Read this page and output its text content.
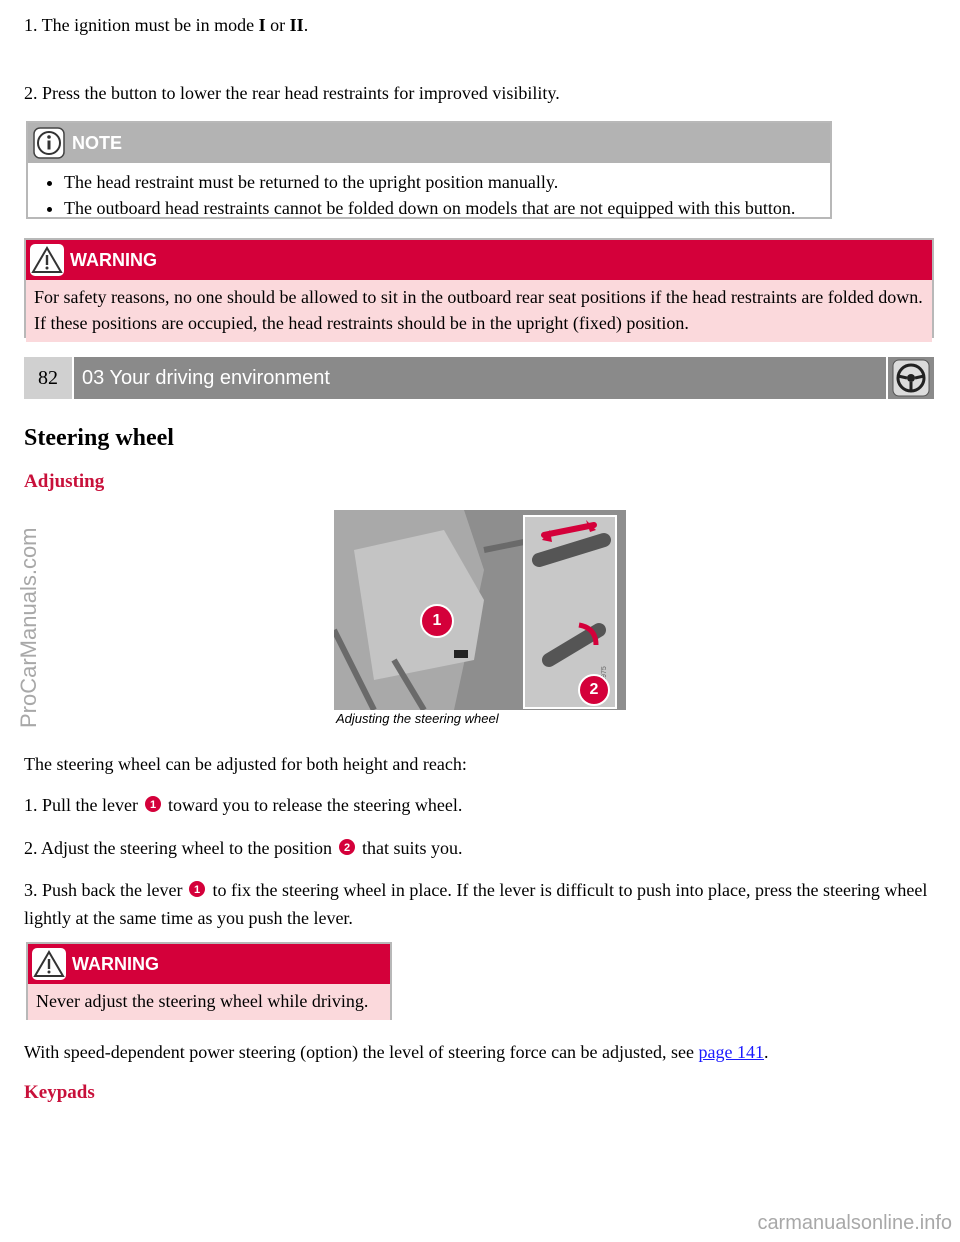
1. The ignition must be in mode I or II.

2. Press the button to lower the rear head restraints for improved visibility.

NOTE
• The head restraint must be returned to the upright position manually.
• The outboard head restraints cannot be folded down on models that are not equipped with this button.
WARNING
For safety reasons, no one should be allowed to sit in the outboard rear seat positions if the head restraints are folded down. If these positions are occupied, the head restraints should be in the upright (fixed) position.
82	03 Your driving environment
Steering wheel

Adjusting

1
2
Adjusting the steering wheel

The steering wheel can be adjusted for both height and reach:

1. Pull the lever 1 toward you to release the steering wheel.

2. Adjust the steering wheel to the position 2 that suits you.

3. Push back the lever 1 to fix the steering wheel in place. If the lever is difficult to push into place, press the steering wheel lightly at the same time as you push the lever.

WARNING
Never adjust the steering wheel while driving.

With speed-dependent power steering (option) the level of steering force can be adjusted, see page 141.

Keypads

ProCarManuals.com
carmanualsonline.info
